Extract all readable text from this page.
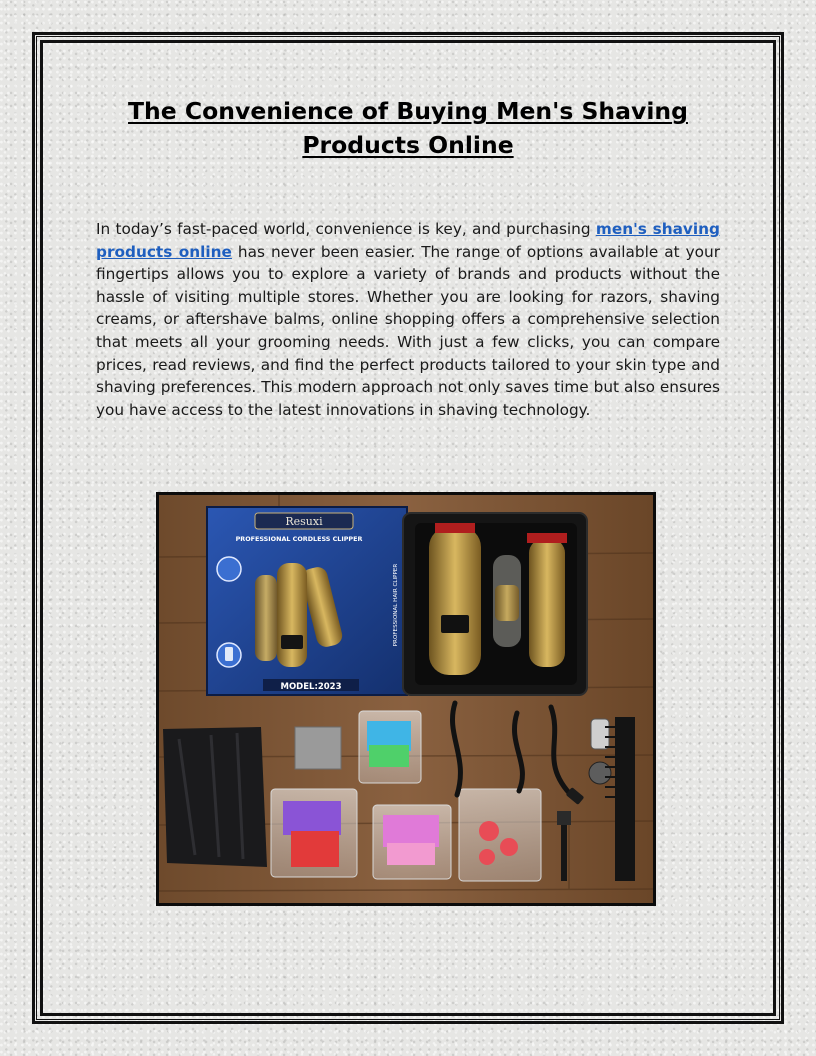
The Convenience of Buying Men's Shaving Products Online

In today’s fast-paced world, convenience is key, and purchasing men's shaving products online has never been easier. The range of options available at your fingertips allows you to explore a variety of brands and products without the hassle of visiting multiple stores. Whether you are looking for razors, shaving creams, or aftershave balms, online shopping offers a comprehensive selection that meets all your grooming needs. With just a few clicks, you can compare prices, read reviews, and find the perfect products tailored to your skin type and shaving preferences. This modern approach not only saves time but also ensures you have access to the latest innovations in shaving technology.

Resuxi
PROFESSIONAL CORDLESS CLIPPER
PROFESSIONAL HAIR CLIPPER
MODEL:2023
